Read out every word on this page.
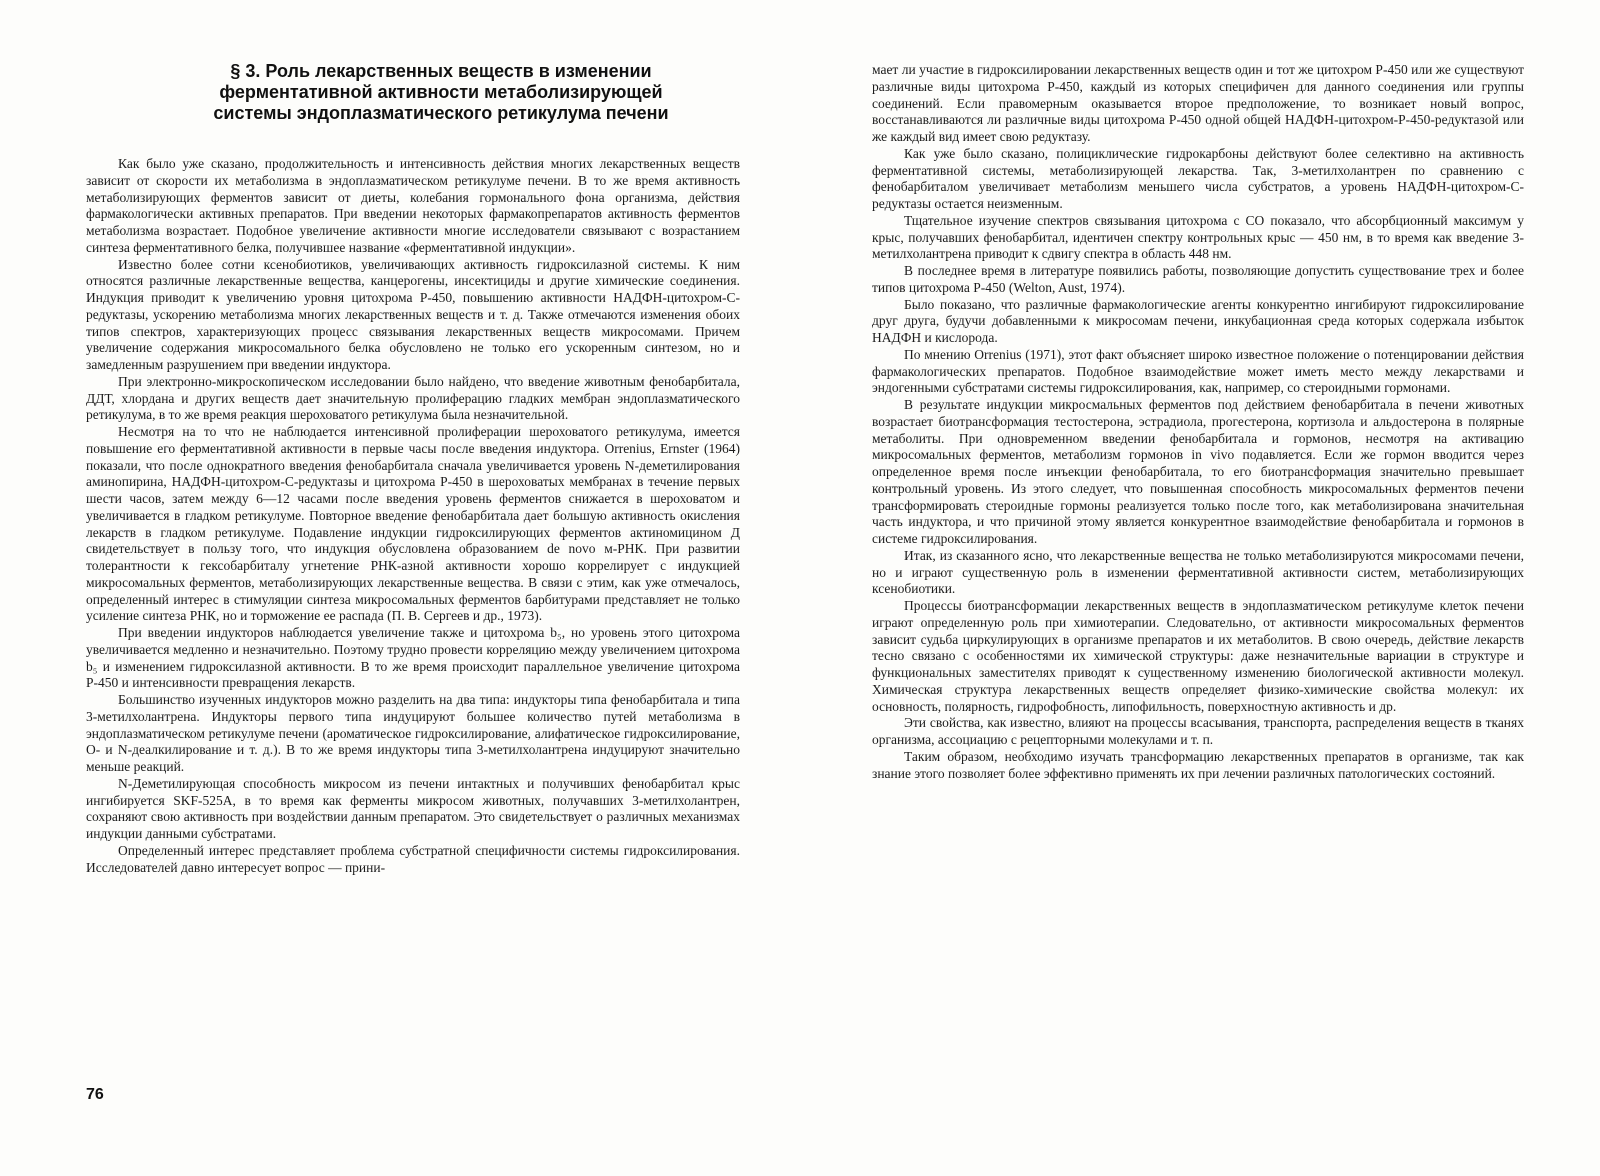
§ 3. Роль лекарственных веществ в изменении
ферментативной активности метаболизирующей
системы эндоплазматического ретикулума печени

Как было уже сказано, продолжительность и интенсивность действия многих лекарственных веществ зависит от скорости их метаболизма в эндоплазматическом ретикулуме печени. В то же время активность метаболизирующих ферментов зависит от диеты, колебания гормонального фона организма, действия фармакологически активных препаратов. При введении некоторых фармакопрепаратов активность ферментов метаболизма возрастает. Подобное увеличение активности многие исследователи связывают с возрастанием синтеза ферментативного белка, получившее название «ферментативной индукции».

Известно более сотни ксенобиотиков, увеличивающих активность гидроксилазной системы. К ним относятся различные лекарственные вещества, канцерогены, инсектициды и другие химические соединения. Индукция приводит к увеличению уровня цитохрома Р-450, повышению активности НАДФН-цитохром-С-редуктазы, ускорению метаболизма многих лекарственных веществ и т. д. Также отмечаются изменения обоих типов спектров, характеризующих процесс связывания лекарственных веществ микросомами. Причем увеличение содержания микросомального белка обусловлено не только его ускоренным синтезом, но и замедленным разрушением при введении индуктора.

При электронно-микроскопическом исследовании было найдено, что введение животным фенобарбитала, ДДТ, хлордана и других веществ дает значительную пролиферацию гладких мембран эндоплазматического ретикулума, в то же время реакция шероховатого ретикулума была незначительной.

Несмотря на то что не наблюдается интенсивной пролиферации шероховатого ретикулума, имеется повышение его ферментативной активности в первые часы после введения индуктора. Orrenius, Ernster (1964) показали, что после однократного введения фенобарбитала сначала увеличивается уровень N-деметилирования аминопирина, НАДФН-цитохром-С-редуктазы и цитохрома Р-450 в шероховатых мембранах в течение первых шести часов, затем между 6—12 часами после введения уровень ферментов снижается в шероховатом и увеличивается в гладком ретикулуме. Повторное введение фенобарбитала дает большую активность окисления лекарств в гладком ретикулуме. Подавление индукции гидроксилирующих ферментов актиномицином Д свидетельствует в пользу того, что индукция обусловлена образованием de novo м-РНК. При развитии толерантности к гексобарбиталу угнетение РНК-азной активности хорошо коррелирует с индукцией микросомальных ферментов, метаболизирующих лекарственные вещества. В связи с этим, как уже отмечалось, определенный интерес в стимуляции синтеза микросомальных ферментов барбитурами представляет не только усиление синтеза РНК, но и торможение ее распада (П. В. Сергеев и др., 1973).

При введении индукторов наблюдается увеличение также и цитохрома b₅, но уровень этого цитохрома увеличивается медленно и незначительно. Поэтому трудно провести корреляцию между увеличением цитохрома b₅ и изменением гидроксилазной активности. В то же время происходит параллельное увеличение цитохрома Р-450 и интенсивности превращения лекарств.

Большинство изученных индукторов можно разделить на два типа: индукторы типа фенобарбитала и типа 3-метилхолантрена. Индукторы первого типа индуцируют большее количество путей метаболизма в эндоплазматическом ретикулуме печени (ароматическое гидроксилирование, алифатическое гидроксилирование, О- и N-деалкилирование и т. д.). В то же время индукторы типа 3-метилхолантрена индуцируют значительно меньше реакций.

N-Деметилирующая способность микросом из печени интактных и получивших фенобарбитал крыс ингибируется SKF-525A, в то время как ферменты микросом животных, получавших 3-метилхолантрен, сохраняют свою активность при воздействии данным препаратом. Это свидетельствует о различных механизмах индукции данными субстратами.

Определенный интерес представляет проблема субстратной специфичности системы гидроксилирования. Исследователей давно интересует вопрос — прини-

76

мает ли участие в гидроксилировании лекарственных веществ один и тот же цитохром Р-450 или же существуют различные виды цитохрома Р-450, каждый из которых специфичен для данного соединения или группы соединений. Если правомерным оказывается второе предположение, то возникает новый вопрос, восстанавливаются ли различные виды цитохрома Р-450 одной общей НАДФН-цитохром-Р-450-редуктазой или же каждый вид имеет свою редуктазу.

Как уже было сказано, полициклические гидрокарбоны действуют более селективно на активность ферментативной системы, метаболизирующей лекарства. Так, 3-метилхолантрен по сравнению с фенобарбиталом увеличивает метаболизм меньшего числа субстратов, а уровень НАДФН-цитохром-С-редуктазы остается неизменным.

Тщательное изучение спектров связывания цитохрома с СО показало, что абсорбционный максимум у крыс, получавших фенобарбитал, идентичен спектру контрольных крыс — 450 нм, в то время как введение 3-метилхолантрена приводит к сдвигу спектра в область 448 нм.

В последнее время в литературе появились работы, позволяющие допустить существование трех и более типов цитохрома Р-450 (Welton, Aust, 1974).

Было показано, что различные фармакологические агенты конкурентно ингибируют гидроксилирование друг друга, будучи добавленными к микросомам печени, инкубационная среда которых содержала избыток НАДФН и кислорода.

По мнению Orrenius (1971), этот факт объясняет широко известное положение о потенцировании действия фармакологических препаратов. Подобное взаимодействие может иметь место между лекарствами и эндогенными субстратами системы гидроксилирования, как, например, со стероидными гормонами.

В результате индукции микросмальных ферментов под действием фенобарбитала в печени животных возрастает биотрансформация тестостерона, эстрадиола, прогестерона, кортизола и альдостерона в полярные метаболиты. При одновременном введении фенобарбитала и гормонов, несмотря на активацию микросомальных ферментов, метаболизм гормонов in vivo подавляется. Если же гормон вводится через определенное время после инъекции фенобарбитала, то его биотрансформация значительно превышает контрольный уровень. Из этого следует, что повышенная способность микросомальных ферментов печени трансформировать стероидные гормоны реализуется только после того, как метаболизирована значительная часть индуктора, и что причиной этому является конкурентное взаимодействие фенобарбитала и гормонов в системе гидроксилирования.

Итак, из сказанного ясно, что лекарственные вещества не только метаболизируются микросомами печени, но и играют существенную роль в изменении ферментативной активности систем, метаболизирующих ксенобиотики.

Процессы биотрансформации лекарственных веществ в эндоплазматическом ретикулуме клеток печени играют определенную роль при химиотерапии. Следовательно, от активности микросомальных ферментов зависит судьба циркулирующих в организме препаратов и их метаболитов. В свою очередь, действие лекарств тесно связано с особенностями их химической структуры: даже незначительные вариации в структуре и функциональных заместителях приводят к существенному изменению биологической активности молекул. Химическая структура лекарственных веществ определяет физико-химические свойства молекул: их основность, полярность, гидрофобность, липофильность, поверхностную активность и др.

Эти свойства, как известно, влияют на процессы всасывания, транспорта, распределения веществ в тканях организма, ассоциацию с рецепторными молекулами и т. п.

Таким образом, необходимо изучать трансформацию лекарственных препаратов в организме, так как знание этого позволяет более эффективно применять их при лечении различных патологических состояний.
